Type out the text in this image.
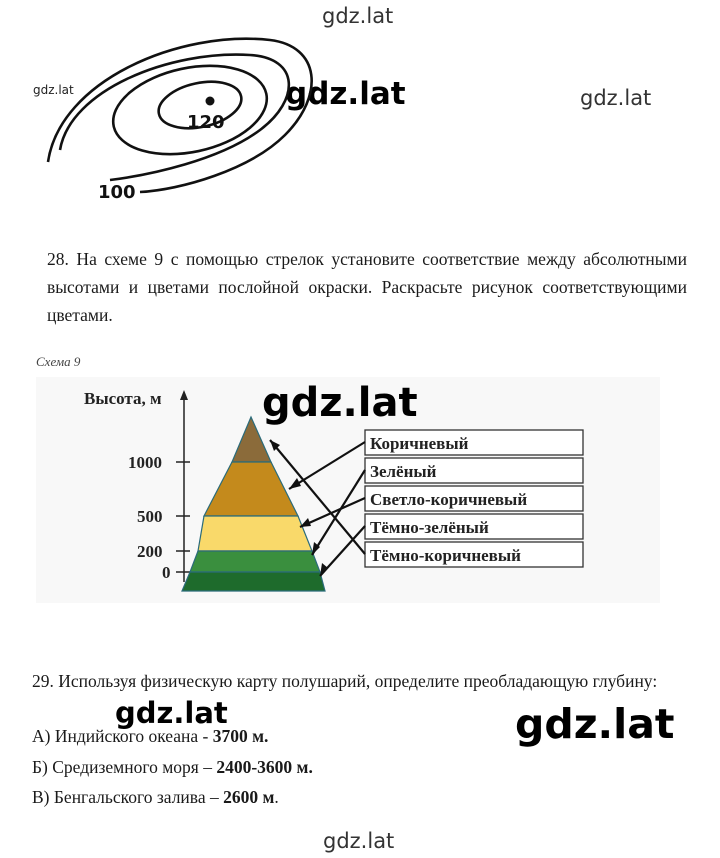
gdz.lat
gdz.lat	gdz.lat	gdz.lat
120
100
28. На схеме 9 с помощью стрелок установите соответствие между абсолютными высотами и цветами послойной окраски. Раскрасьте рисунок соответствующими цветами.
Схема 9
Высота, м
1000
500
200
0
Коричневый
Зелёный
Светло-коричневый
Тёмно-зелёный
Тёмно-коричневый
gdz.lat
29. Используя физическую карту полушарий, определите преобладающую глубину:
А) Индийского океана - 3700 м.
Б) Средиземного моря – 2400-3600 м.
В) Бенгальского залива – 2600 м.
gdz.lat	gdz.lat
gdz.lat
